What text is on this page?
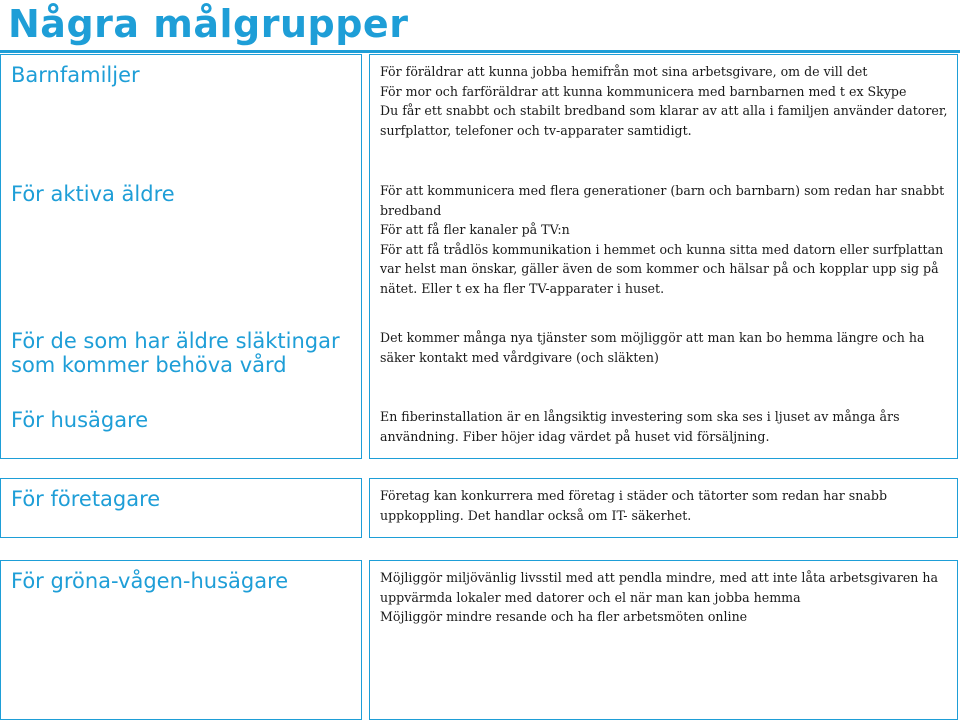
Några målgrupper
Barnfamiljer
För aktiva äldre
För de som har äldre släktingar som kommer behöva vård
För husägare
För företagare
För gröna-vågen-husägare

För föräldrar att kunna jobba hemifrån mot sina arbetsgivare, om de vill det

För mor och farföräldrar att kunna kommunicera med barnbarnen med t ex Skype

Du får ett snabbt och stabilt bredband som klarar av att alla i familjen använder datorer, surfplattor, telefoner och tv-apparater samtidigt.

För att kommunicera med flera generationer (barn och barnbarn) som redan har snabbt bredband

För att få fler kanaler på TV:n

För att få trådlös kommunikation i hemmet och kunna sitta med datorn eller surfplattan var helst man önskar, gäller även de som kommer och hälsar på och kopplar upp sig på nätet. Eller t ex ha fler TV-apparater i huset.

Det kommer många nya tjänster som möjliggör att man kan bo hemma längre och ha säker kontakt med vårdgivare (och släkten)

En fiberinstallation är en långsiktig investering som ska ses i ljuset av många års användning. Fiber höjer idag värdet på huset vid försäljning.

Företag kan konkurrera med företag i städer och tätorter som redan har snabb uppkoppling. Det handlar också om IT- säkerhet.

Möjliggör miljövänlig livsstil med att pendla mindre, med att inte låta arbetsgivaren ha uppvärmda lokaler med datorer och el när man kan jobba hemma

Möjliggör mindre resande och ha fler arbetsmöten online
